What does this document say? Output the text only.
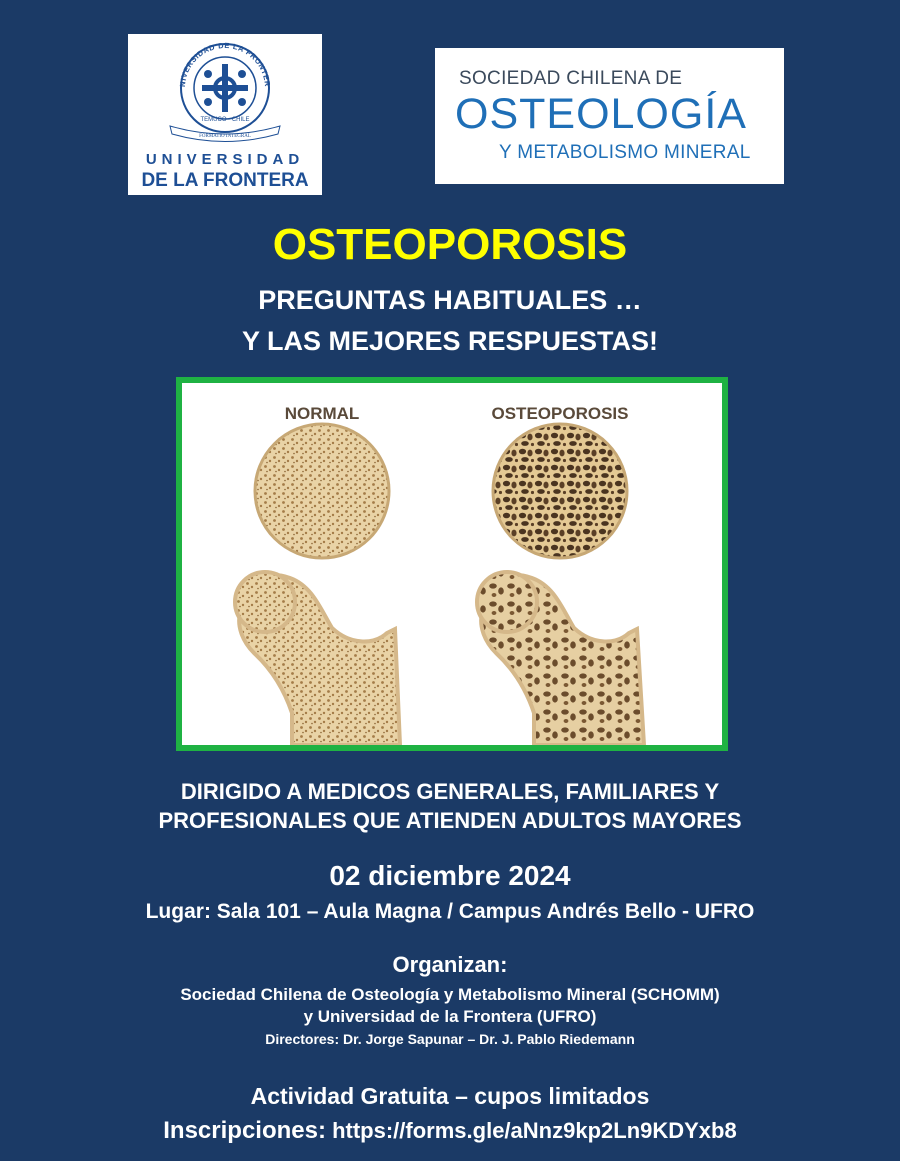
NIVERSIDAD DE LA FRONTER
TEMUCO - CHILE
FORMATIO INTEGRAL
UNIVERSIDAD
DE LA FRONTERA
SOCIEDAD CHILENA DE
OSTEOLOGÍA
Y METABOLISMO MINERAL
OSTEOPOROSIS
PREGUNTAS HABITUALES …
Y LAS MEJORES RESPUESTAS!
NORMAL	OSTEOPOROSIS
DIRIGIDO A MEDICOS GENERALES, FAMILIARES Y
PROFESIONALES QUE ATIENDEN ADULTOS MAYORES
02 diciembre 2024
Lugar: Sala 101 – Aula Magna / Campus Andrés Bello - UFRO
Organizan:
Sociedad Chilena de Osteología y Metabolismo Mineral (SCHOMM)
y Universidad de la Frontera (UFRO)
Directores: Dr. Jorge Sapunar – Dr. J. Pablo Riedemann
Actividad Gratuita – cupos limitados
Inscripciones: https://forms.gle/aNnz9kp2Ln9KDYxb8
